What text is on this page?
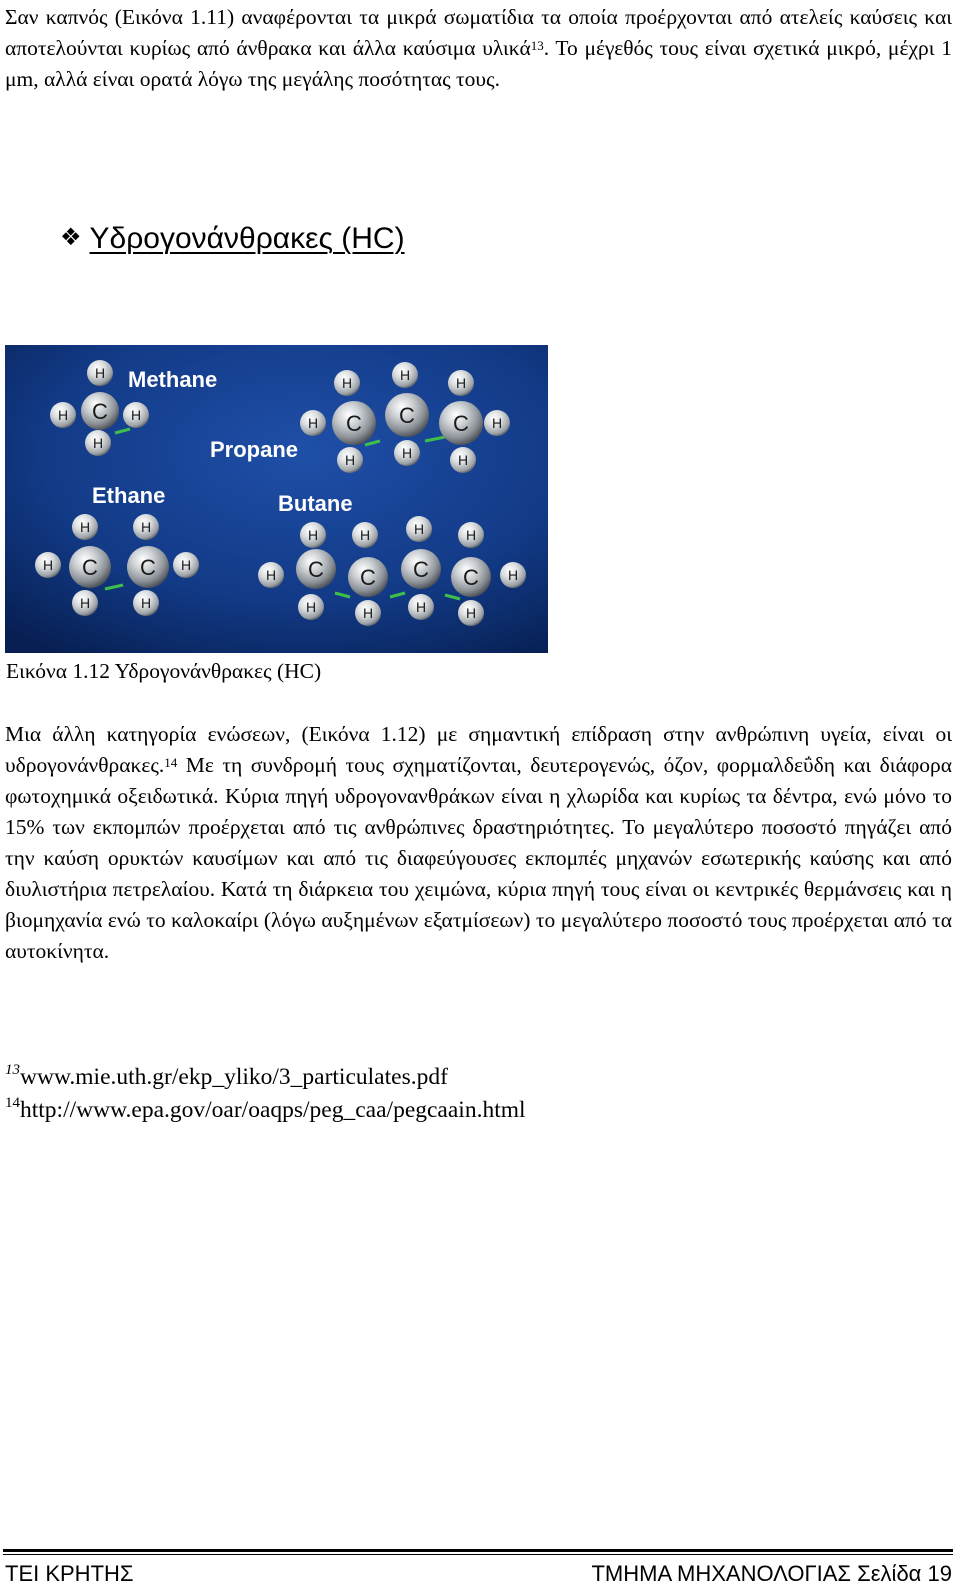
Σαν καπνός (Εικόνα 1.11) αναφέρονται τα μικρά σωματίδια τα οποία προέρχονται από ατελείς καύσεις και αποτελούνται κυρίως από άνθρακα και άλλα καύσιμα υλικά$^{13}$. Το μέγεθός τους είναι σχετικά μικρό, μέχρι 1 μm, αλλά είναι ορατά λόγω της μεγάλης ποσότητας τους.

❖ Υδρογονάνθρακες (HC)
H
H C H
H
H	H	H
H C C C H
H	H	H
H	H
H C C H
H	H
H	H	H	H
H C C C C H
H	H	H	H
Methane
Propane
Ethane	Butane
Εικόνα 1.12 Υδρογονάνθρακες (HC)

Μια άλλη κατηγορία ενώσεων, (Εικόνα 1.12) με σημαντική επίδραση στην ανθρώπινη υγεία, είναι οι υδρογονάνθρακες.$^{14}$ Με τη συνδρομή τους σχηματίζονται, δευτερογενώς, όζον, φορμαλδεΰδη και διάφορα φωτοχημικά οξειδωτικά. Κύρια πηγή υδρογονανθράκων είναι η χλωρίδα και κυρίως τα δέντρα, ενώ μόνο το 15% των εκπομπών προέρχεται από τις ανθρώπινες δραστηριότητες. Το μεγαλύτερο ποσοστό πηγάζει από την καύση ορυκτών καυσίμων και από τις διαφεύγουσες εκπομπές μηχανών εσωτερικής καύσης και από διυλιστήρια πετρελαίου. Κατά τη διάρκεια του χειμώνα, κύρια πηγή τους είναι οι κεντρικές θερμάνσεις και η βιομηχανία ενώ το καλοκαίρι (λόγω αυξημένων εξατμίσεων) το μεγαλύτερο ποσοστό τους προέρχεται από τα αυτοκίνητα.

$^{13}$www.mie.uth.gr/ekp_yliko/3_particulates.pdf
$^{14}$http://www.epa.gov/oar/oaqps/peg_caa/pegcaain.html
ΤΕΙ ΚΡΗΤΗΣ	ΤΜΗΜΑ ΜΗΧΑΝΟΛΟΓΙΑΣ Σελίδα 19
